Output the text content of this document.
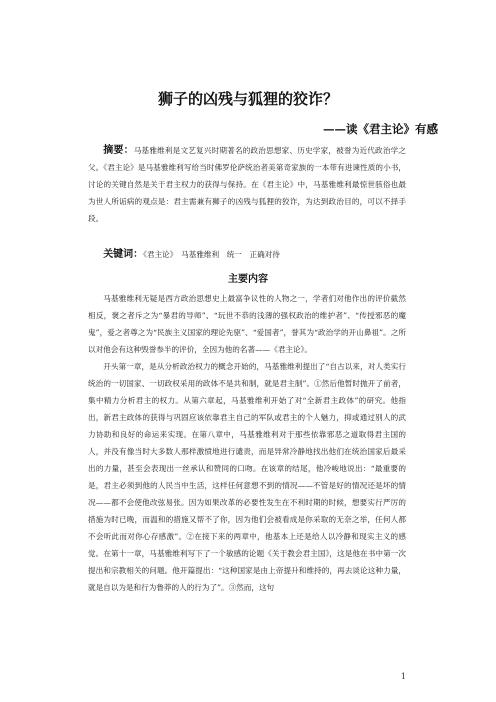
狮子的凶残与狐狸的狡诈？
——读《君主论》有感
摘要：马基雅维利是文艺复兴时期著名的政治思想家、历史学家，被誉为近代政治学之父。《君主论》是马基雅维利写给当时佛罗伦萨统治者美第奇家族的一本带有进谏性质的小书，讨论的关键自然是关于君主权力的获得与保持。在《君主论》中，马基雅维利最惊世骇俗也最为世人所诟病的观点是：君主需兼有狮子的凶残与狐狸的狡诈，为达到政治目的，可以不择手段。
关键词：《君主论》　马基雅维利　统一　正确对待
主要内容

马基雅维利无疑是西方政治思想史上最富争议性的人物之一，学者们对他作出的评价截然相反，褒之者斥之为“暴君的导师”、“玩世不恭的浅薄的强权政治的维护者”、“传授邪恶的魔鬼”，爱之者尊之为“民族主义国家的理论先驱”、“爱国者”，誉其为“政治学的开山鼻祖”。之所以对他会有这种毁誉参半的评价，全因为他的名著——《君主论》。

开头第一章，是从分析政治权力的概念开始的，马基雅维利提出了“自古以来，对人类实行统治的一切国家、一切政权采用的政体不是共和制，就是君主制”。①然后他暂时抛开了前者，集中精力分析君主的权力。从第六章起，马基雅维利开始了对“全新君主政体”的研究。他指出，新君主政体的获得与巩固应该依靠君主自己的军队或君主的个人魅力，抑或通过别人的武力协助和良好的命运来实现。在第八章中，马基雅维利对于那些依靠邪恶之道取得君主国的人，并没有像当时大多数人那样激愤地进行谴责，而是异常冷静地找出他们在统治国家后最采出的力量，甚至会表现出一丝承认和赞同的口吻。在该章的结尾，他冷峻地说出：“最重要的是，君主必须到他的人民当中生活，这样任何意想不到的情况——不管是好的情况还是坏的情况——都不会使他改弦易张。因为如果改革的必要性发生在不利时期的时候，想要实行严厉的措施为时已晚，而温和的措施又帮不了你，因为他们会被看成是你采取的无奈之举，任何人都不会听此而对你心存感激”。②在接下来的两章中，他基本上还是给人以冷静和现实主义的感觉。在第十一章，马基雅维利写下了一个敏感的论题《关于教会君主国》，这是他在书中第一次提出和宗教相关的问题。他开篇提出：“这种国家是由上帝提升和维持的，再去谈论这种力量，就是自以为是和行为鲁莽的人的行为了”。③然而，这句

1
